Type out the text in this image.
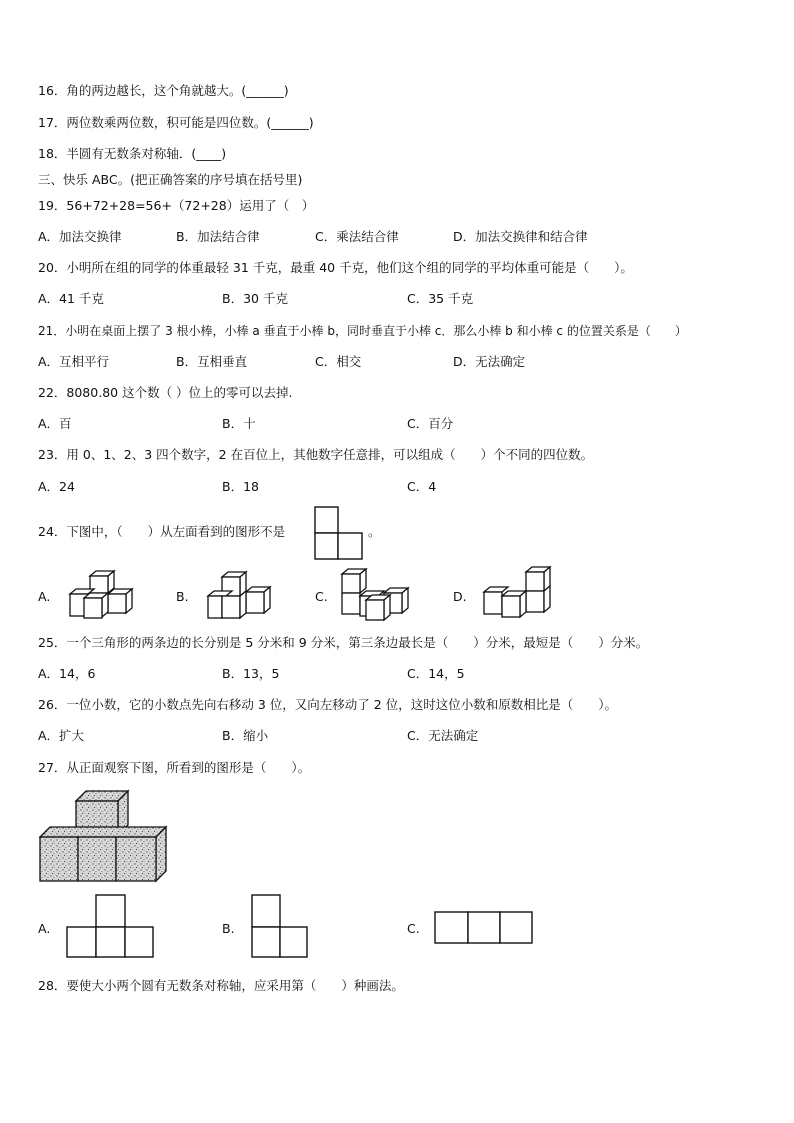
16．角的两边越长，这个角就越大。(______)
17．两位数乘两位数，积可能是四位数。(______)
18．半圆有无数条对称轴．(____)
三、快乐 ABC。(把正确答案的序号填在括号里)
19．56+72+28=56+（72+28）运用了（　）
A．加法交换律	B．加法结合律	C．乘法结合律	D．加法交换律和结合律
20．小明所在组的同学的体重最轻 31 千克，最重 40 千克，他们这个组的同学的平均体重可能是（　　）。
A．41 千克	B．30 千克	C．35 千克
21．小明在桌面上摆了 3 根小棒，小棒 a 垂直于小棒 b，同时垂直于小棒 c．那么小棒 b 和小棒 c 的位置关系是（　　）
A．互相平行	B．互相垂直	C．相交	D．无法确定
22．8080.80 这个数（ ）位上的零可以去掉.
A．百	B．十	C．百分
23．用 0、1、2、3 四个数字，2 在百位上，其他数字任意排，可以组成（　　）个不同的四位数。
A．24	B．18	C．4
24．下图中，（　　）从左面看到的图形不是	。
A.	B.	C.	D.
25．一个三角形的两条边的长分别是 5 分米和 9 分米，第三条边最长是（　　）分米，最短是（　　）分米。
A．14，6	B．13，5	C．14，5
26．一位小数，它的小数点先向右移动 3 位，又向左移动了 2 位，这时这位小数和原数相比是（　　）。
A．扩大	B．缩小	C．无法确定
27．从正面观察下图，所看到的图形是（　　）。
A.	B.	C.
28．要使大小两个圆有无数条对称轴，应采用第（　　）种画法。
